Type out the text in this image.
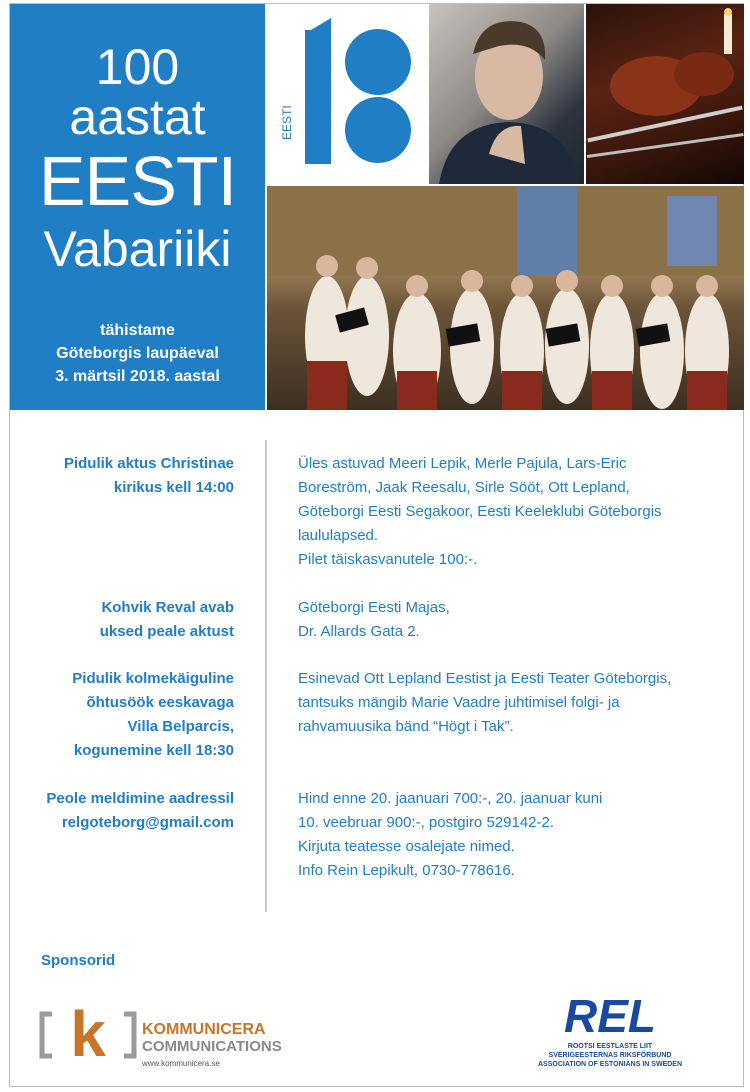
100
aastat
EESTI
Vabariiki
tähistame
Göteborgis laupäeval
3. märtsil 2018. aastal
EESTI
Pidulik aktus Christinae
kirikus kell 14:00
Üles astuvad Meeri Lepik, Merle Pajula, Lars-Eric
Boreström, Jaak Reesalu, Sirle Sööt, Ott Lepland,
Göteborgi Eesti Segakoor, Eesti Keeleklubi Göteborgis
laululapsed.
Pilet täiskasvanutele 100:-.
Kohvik Reval avab
uksed peale aktust
Göteborgi Eesti Majas,
Dr. Allards Gata 2.
Pidulik kolmekäiguline
õhtusöök eeskavaga
Villa Belparcis,
kogunemine kell 18:30
Esinevad Ott Lepland Eestist ja Eesti Teater Göteborgis,
tantsuks mängib Marie Vaadre juhtimisel folgi- ja
rahvamuusika bänd “Högt i Tak”.
Peole meldimine aadressil
relgoteborg@gmail.com
Hind enne 20. jaanuari 700:-, 20. jaanuar kuni
10. veebruar 900:-, postgiro 529142-2.
Kirjuta teatesse osalejate nimed.
Info Rein Lepikult, 0730-778616.
Sponsorid
k KOMMUNICERA
COMMUNICATIONS
www.kommunicera.se
REL
ROOTSI EESTLASTE LIIT
SVERIGEESTERNAS RIKSFÖRBUND
ASSOCIATION OF ESTONIANS IN SWEDEN
